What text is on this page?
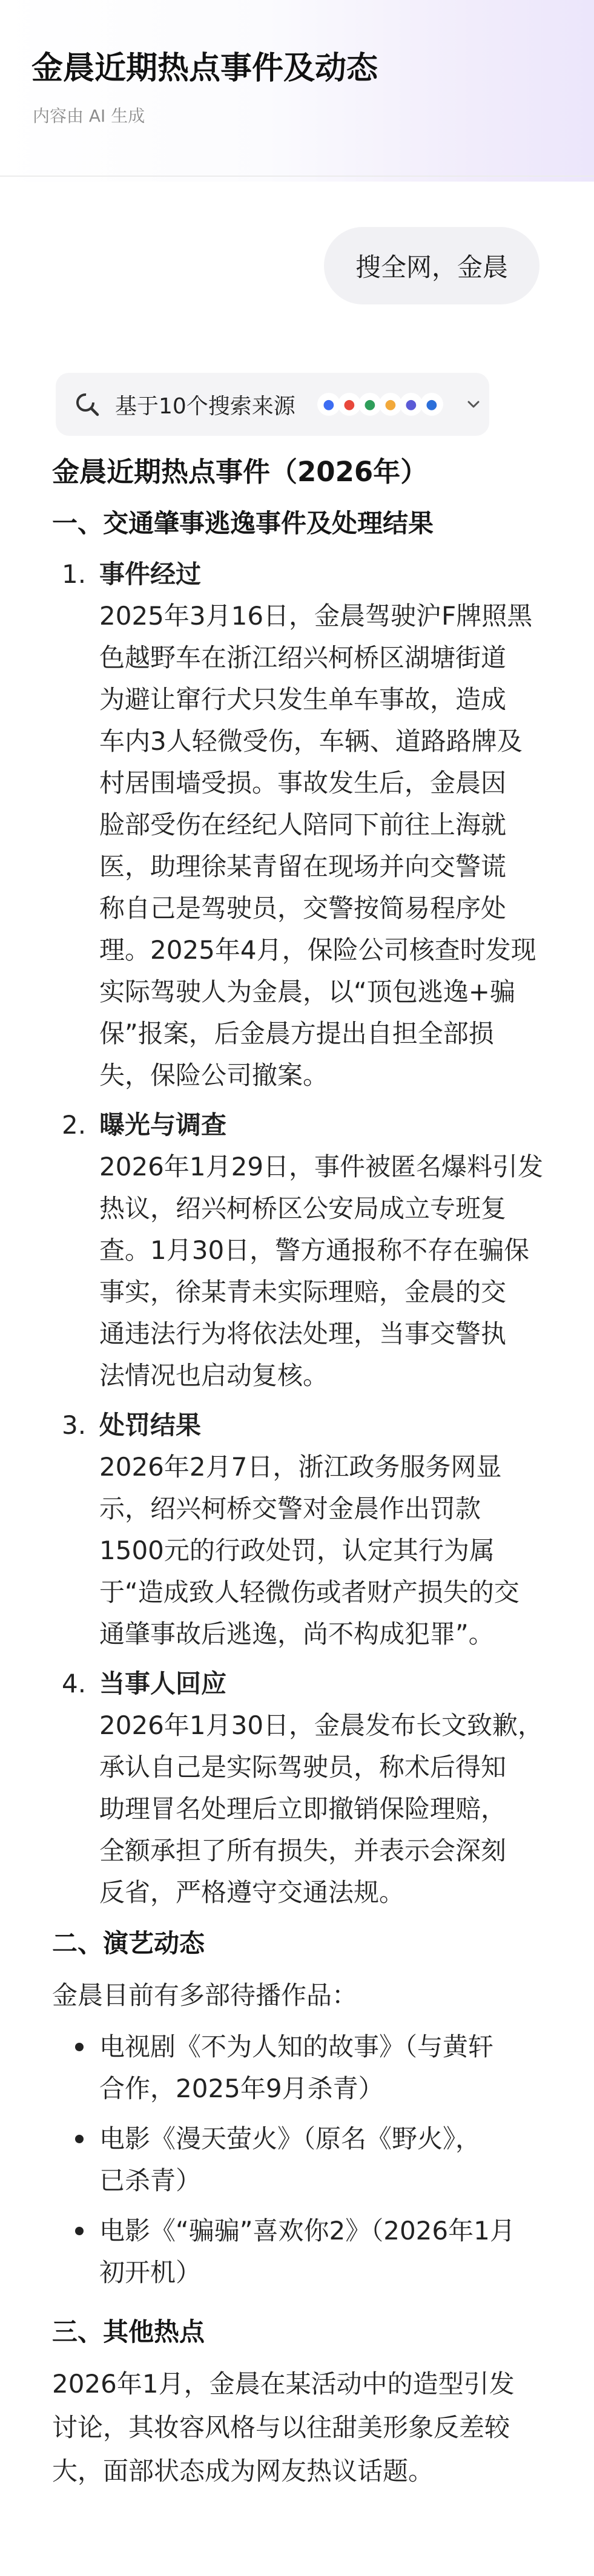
金晨近期热点事件及动态
内容由 AI 生成
搜全网，金晨
基于10个搜索来源	● ● ● ● ● ●
金晨近期热点事件（2026年）
一、交通肇事逃逸事件及处理结果
1. 事件经过
2025年3月16日，金晨驾驶沪F牌照黑
色越野车在浙江绍兴柯桥区湖塘街道
为避让窜行犬只发生单车事故，造成
车内3人轻微受伤，车辆、道路路牌及
村居围墙受损。事故发生后，金晨因
脸部受伤在经纪人陪同下前往上海就
医，助理徐某青留在现场并向交警谎
称自己是驾驶员，交警按简易程序处
理。2025年4月，保险公司核查时发现
实际驾驶人为金晨，以“顶包逃逸+骗
保”报案，后金晨方提出自担全部损
失，保险公司撤案。
2. 曝光与调查
2026年1月29日，事件被匿名爆料引发
热议，绍兴柯桥区公安局成立专班复
查。1月30日，警方通报称不存在骗保
事实，徐某青未实际理赔，金晨的交
通违法行为将依法处理，当事交警执
法情况也启动复核。
3. 处罚结果
2026年2月7日，浙江政务服务网显
示，绍兴柯桥交警对金晨作出罚款
1500元的行政处罚，认定其行为属
于“造成致人轻微伤或者财产损失的交
通肇事故后逃逸，尚不构成犯罪”。
4. 当事人回应
2026年1月30日，金晨发布长文致歉，
承认自己是实际驾驶员，称术后得知
助理冒名处理后立即撤销保险理赔，
全额承担了所有损失，并表示会深刻
反省，严格遵守交通法规。
二、演艺动态
金晨目前有多部待播作品：
电视剧《不为人知的故事》（与黄轩
合作，2025年9月杀青）
电影《漫天萤火》（原名《野火》，
已杀青）
电影《“骗骗”喜欢你2》（2026年1月
初开机）
三、其他热点
2026年1月，金晨在某活动中的造型引发
讨论，其妆容风格与以往甜美形象反差较
大，面部状态成为网友热议话题。
